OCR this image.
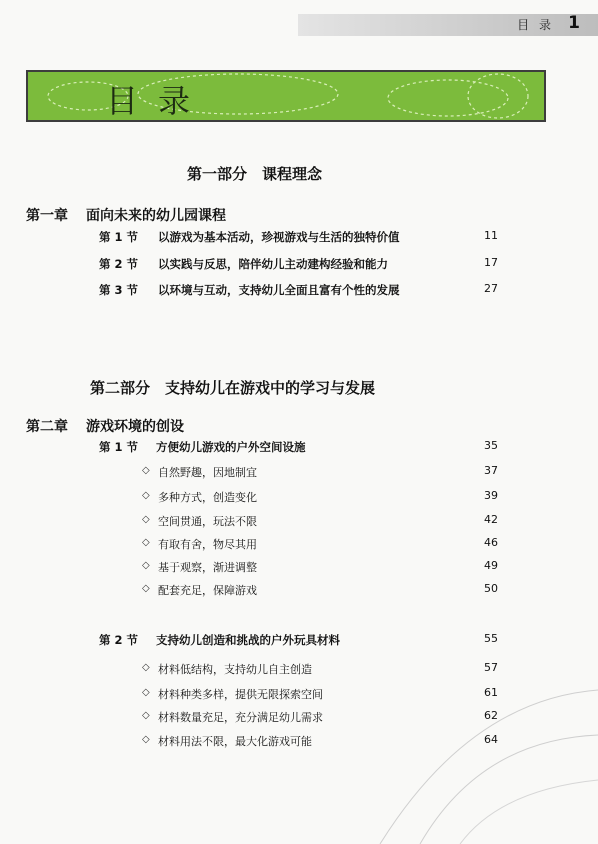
目 录 1
目录
第一部分　课程理念
第一章 面向未来的幼儿园课程
第 1 节 以游戏为基本活动，珍视游戏与生活的独特价值	11
第 2 节 以实践与反思，陪伴幼儿主动建构经验和能力	17
第 3 节 以环境与互动，支持幼儿全面且富有个性的发展	27
第二部分　支持幼儿在游戏中的学习与发展
第二章 游戏环境的创设
第 1 节 方便幼儿游戏的户外空间设施	35
◇ 自然野趣，因地制宜	37
◇ 多种方式，创造变化	39
◇ 空间贯通，玩法不限	42
◇ 有取有舍，物尽其用	46
◇ 基于观察，渐进调整	49
◇ 配套充足，保障游戏	50
第 2 节 支持幼儿创造和挑战的户外玩具材料	55
◇ 材料低结构，支持幼儿自主创造	57
◇ 材料种类多样，提供无限探索空间	61
◇ 材料数量充足，充分满足幼儿需求	62
◇ 材料用法不限，最大化游戏可能	64
